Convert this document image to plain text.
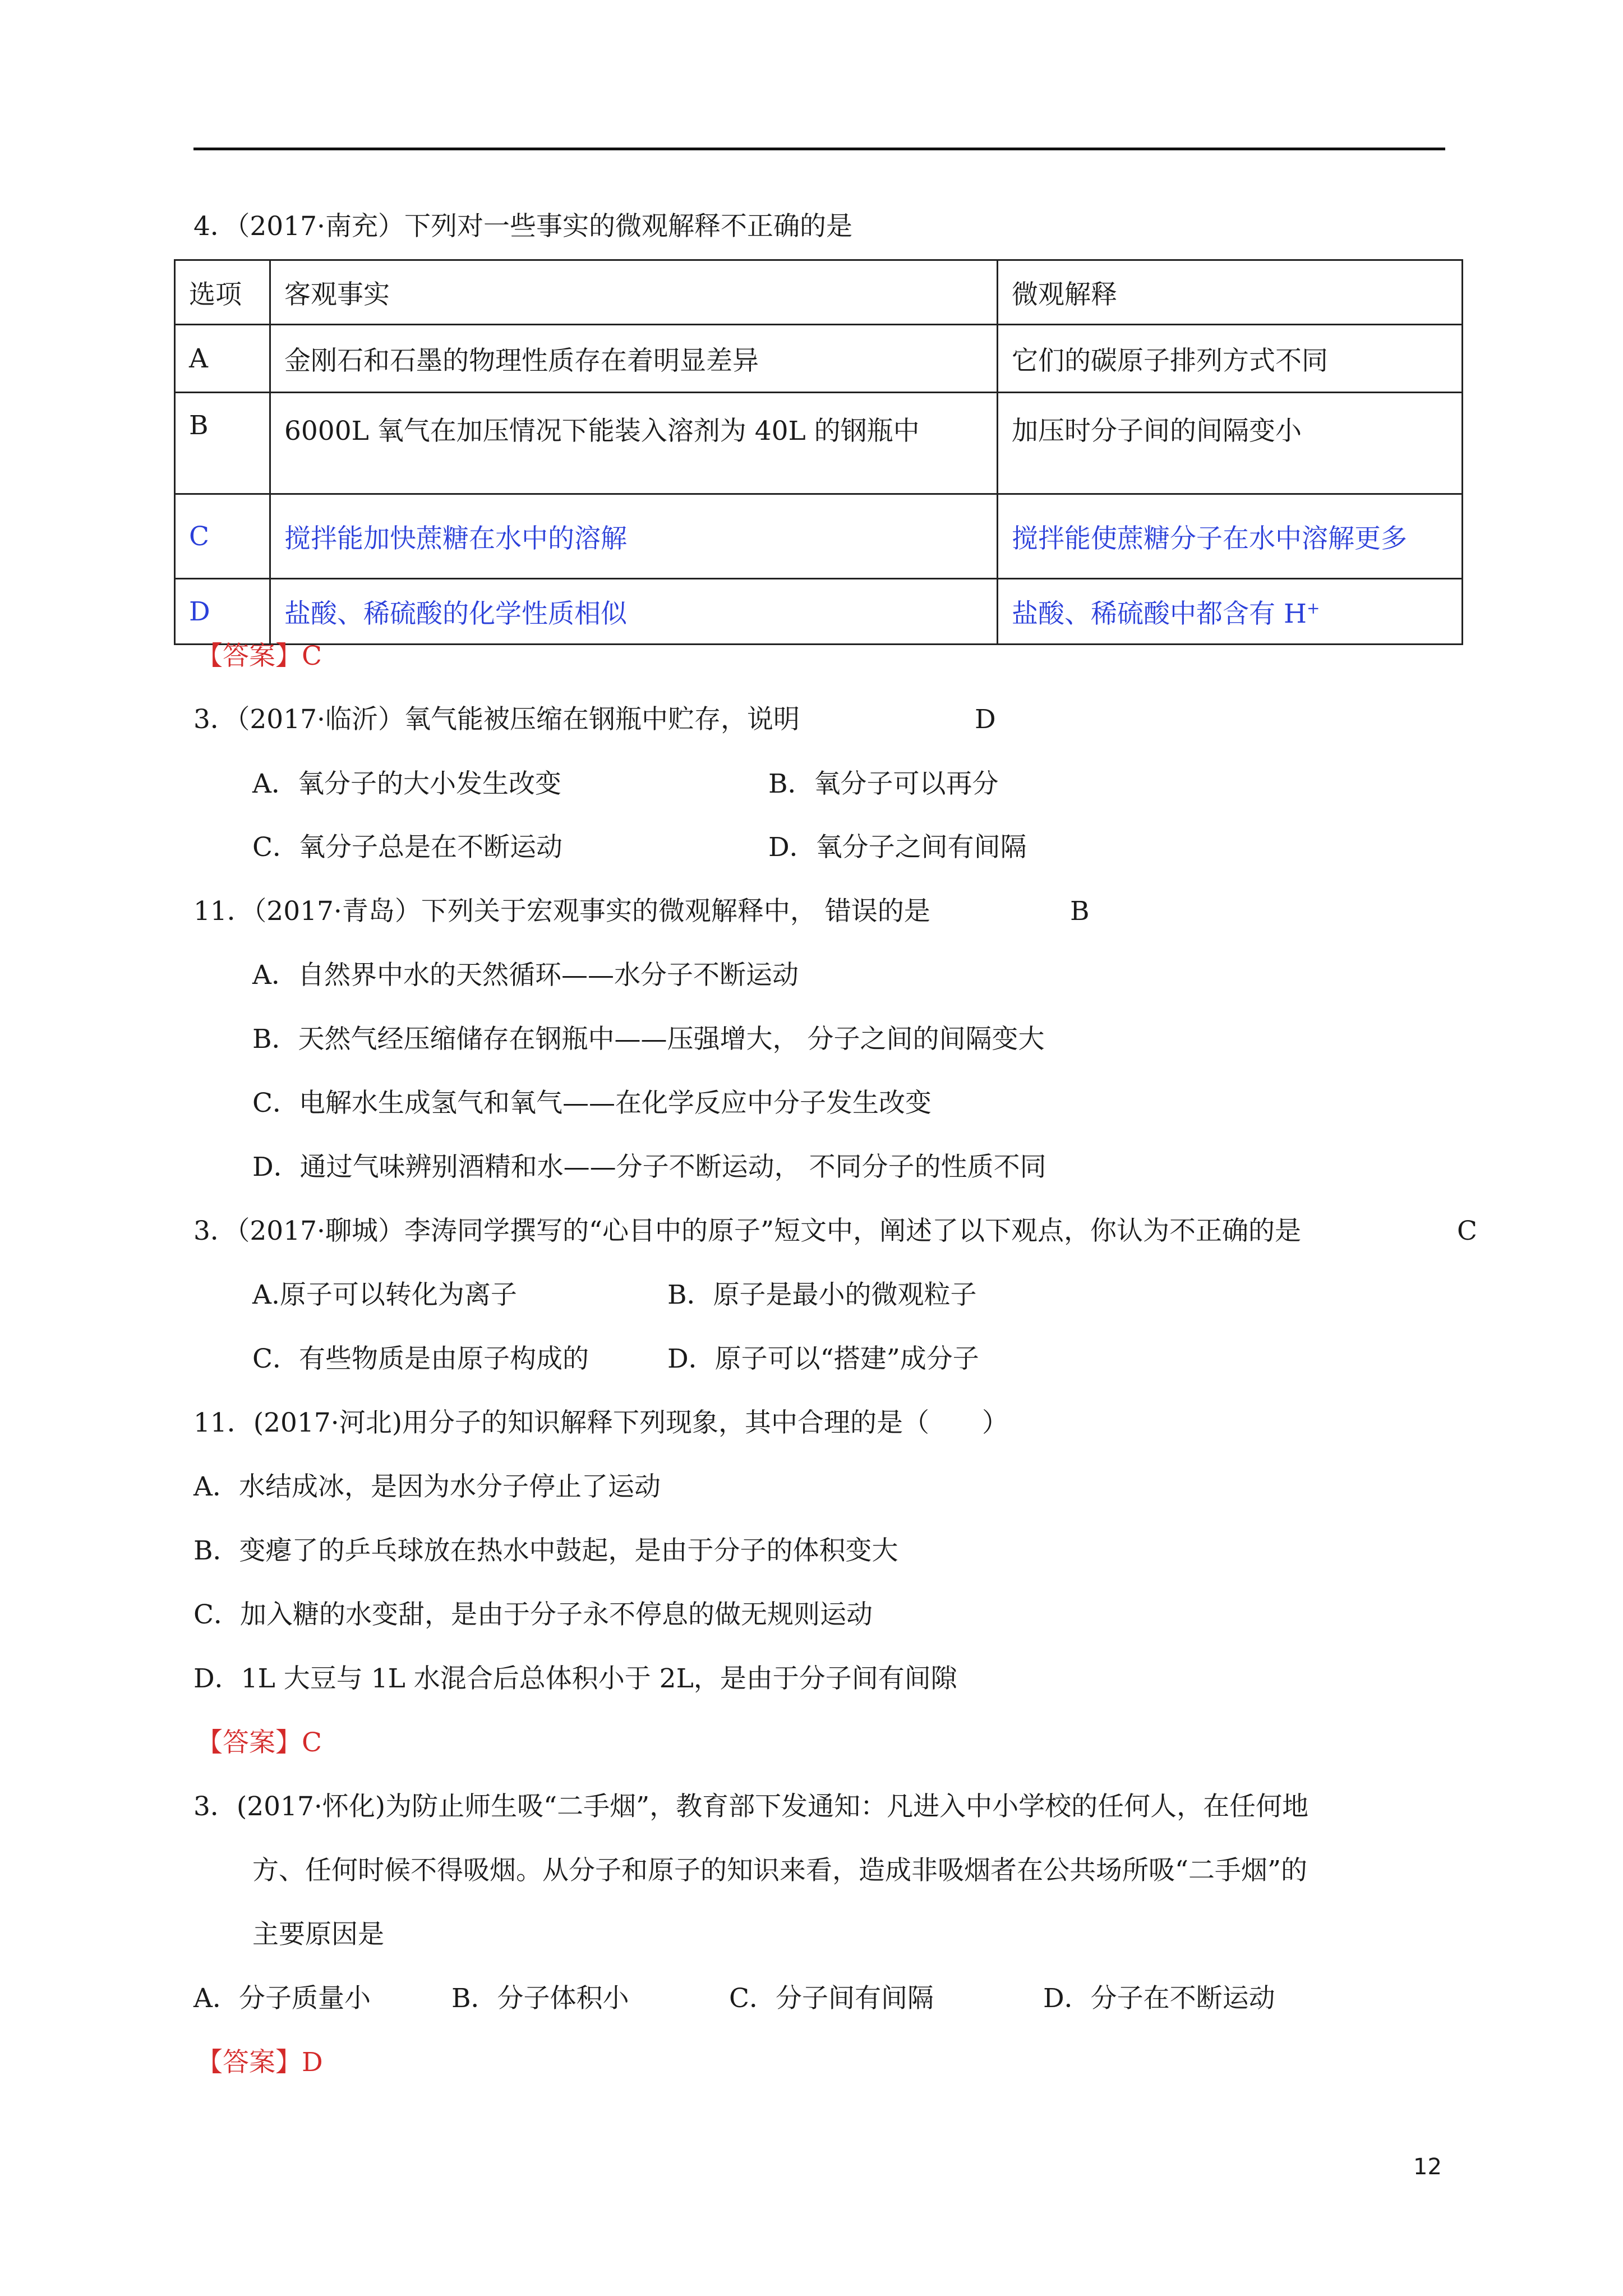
4．（2017·南充）下列对一些事实的微观解释不正确的是
选项	客观事实	微观解释
A	金刚石和石墨的物理性质存在着明显差异	它们的碳原子排列方式不同
B	6000L 氧气在加压情况下能装入溶剂为 40L 的钢瓶中	加压时分子间的间隔变小
C	搅拌能加快蔗糖在水中的溶解	搅拌能使蔗糖分子在水中溶解更多
D	盐酸、稀硫酸的化学性质相似	盐酸、稀硫酸中都含有 H+
【答案】C
3．（2017·临沂）氧气能被压缩在钢瓶中贮存，说明	D
A．氧分子的大小发生改变	B．氧分子可以再分
C．氧分子总是在不断运动	D．氧分子之间有间隔
11．（2017·青岛）下列关于宏观事实的微观解释中， 错误的是	B
A．自然界中水的天然循环——水分子不断运动
B．天然气经压缩储存在钢瓶中——压强增大， 分子之间的间隔变大
C．电解水生成氢气和氧气——在化学反应中分子发生改变
D．通过气味辨别酒精和水——分子不断运动， 不同分子的性质不同
3．（2017·聊城）李涛同学撰写的“心目中的原子”短文中，阐述了以下观点，你认为不正确的是	C
A.原子可以转化为离子	B．原子是最小的微观粒子
C．有些物质是由原子构成的	D．原子可以“搭建”成分子
11．(2017·河北)用分子的知识解释下列现象，其中合理的是（　　）
A．水结成冰，是因为水分子停止了运动
B．变瘪了的乒乓球放在热水中鼓起，是由于分子的体积变大
C．加入糖的水变甜，是由于分子永不停息的做无规则运动
D．1L 大豆与 1L 水混合后总体积小于 2L，是由于分子间有间隙
【答案】C
3．(2017·怀化)为防止师生吸“二手烟”，教育部下发通知：凡进入中小学校的任何人，在任何地
方、任何时候不得吸烟。从分子和原子的知识来看，造成非吸烟者在公共场所吸“二手烟”的
主要原因是
A．分子质量小	B．分子体积小	C．分子间有间隔	D．分子在不断运动
【答案】D
12
